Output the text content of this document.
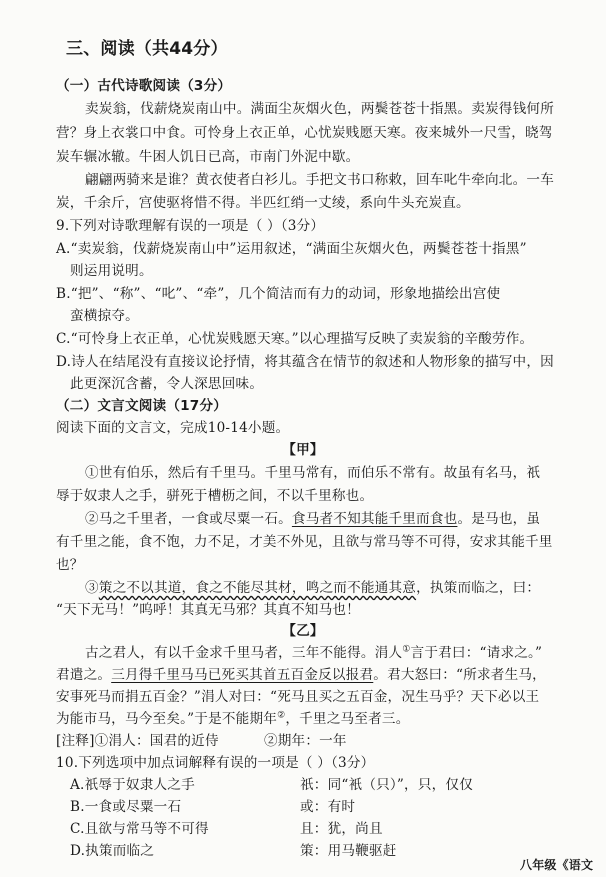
三、阅读（共44分）
（一）古代诗歌阅读（3分）
卖炭翁，伐薪烧炭南山中。满面尘灰烟火色，两鬓苍苍十指黑。卖炭得钱何所
营？身上衣裳口中食。可怜身上衣正单，心忧炭贱愿天寒。夜来城外一尺雪，晓驾
炭车辗冰辙。牛困人饥日已高，市南门外泥中歇。
翩翩两骑来是谁？黄衣使者白衫儿。手把文书口称敕，回车叱牛牵向北。一车
炭，千余斤，宫使驱将惜不得。半匹红绡一丈绫，系向牛头充炭直。
9.下列对诗歌理解有误的一项是（ ）（3分）
A.“卖炭翁，伐薪烧炭南山中”运用叙述，“满面尘灰烟火色，两鬓苍苍十指黑”
则运用说明。
B.“把”、“称”、“叱”、“牵”，几个简洁而有力的动词，形象地描绘出宫使
蛮横掠夺。
C.“可怜身上衣正单，心忧炭贱愿天寒。”以心理描写反映了卖炭翁的辛酸劳作。
D.诗人在结尾没有直接议论抒情，将其蕴含在情节的叙述和人物形象的描写中，因
此更深沉含蓄，令人深思回味。
（二）文言文阅读（17分）
阅读下面的文言文，完成10-14小题。
【甲】
①世有伯乐，然后有千里马。千里马常有，而伯乐不常有。故虽有名马，祇
辱于奴隶人之手，骈死于槽枥之间，不以千里称也。
②马之千里者，一食或尽粟一石。食马者不知其能千里而食也。是马也，虽
有千里之能，食不饱，力不足，才美不外见，且欲与常马等不可得，安求其能千里
也？
③策之不以其道，食之不能尽其材，鸣之而不能通其意，执策而临之，曰：
“天下无马！”呜呼！其真无马邪？其真不知马也！
【乙】
古之君人，有以千金求千里马者，三年不能得。涓人①言于君曰：“请求之。”
君遣之。三月得千里马马已死买其首五百金反以报君。君大怒曰：“所求者生马，
安事死马而捐五百金？”涓人对曰：“死马且买之五百金，况生马乎？天下必以王
为能市马，马今至矣。”于是不能期年②，千里之马至者三。
[注释]①涓人：国君的近侍          ②期年：一年
10.下列选项中加点词解释有误的一项是（ ）（3分）
A.祇辱于奴隶人之手	祇：同“衹（只）”，只，仅仅
B.一食或尽粟一石	或：有时
C.且欲与常马等不可得	且：犹，尚且
D.执策而临之	策：用马鞭驱赶
八年级《语文
